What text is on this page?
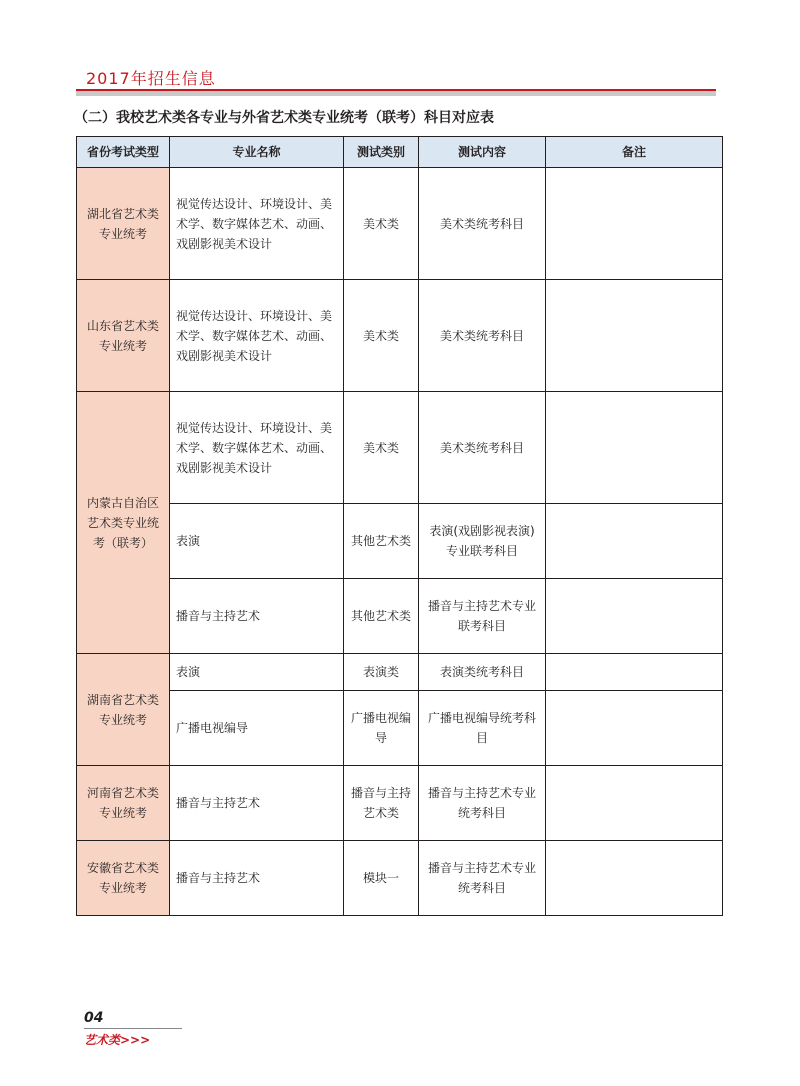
2017年招生信息
（二）我校艺术类各专业与外省艺术类专业统考（联考）科目对应表
省份考试类型	专业名称	测试类别	测试内容	备注
湖北省艺术类专业统考	视觉传达设计、环境设计、美术学、数字媒体艺术、动画、戏剧影视美术设计	美术类	美术类统考科目	
山东省艺术类专业统考	视觉传达设计、环境设计、美术学、数字媒体艺术、动画、戏剧影视美术设计	美术类	美术类统考科目	
内蒙古自治区艺术类专业统考（联考）	视觉传达设计、环境设计、美术学、数字媒体艺术、动画、戏剧影视美术设计	美术类	美术类统考科目	
	表演	其他艺术类	表演(戏剧影视表演)专业联考科目	
	播音与主持艺术	其他艺术类	播音与主持艺术专业联考科目	
湖南省艺术类专业统考	表演	表演类	表演类统考科目	
	广播电视编导	广播电视编导	广播电视编导统考科目	
河南省艺术类专业统考	播音与主持艺术	播音与主持艺术类	播音与主持艺术专业统考科目	
安徽省艺术类专业统考	播音与主持艺术	模块一	播音与主持艺术专业统考科目	
04
艺术类>>>
